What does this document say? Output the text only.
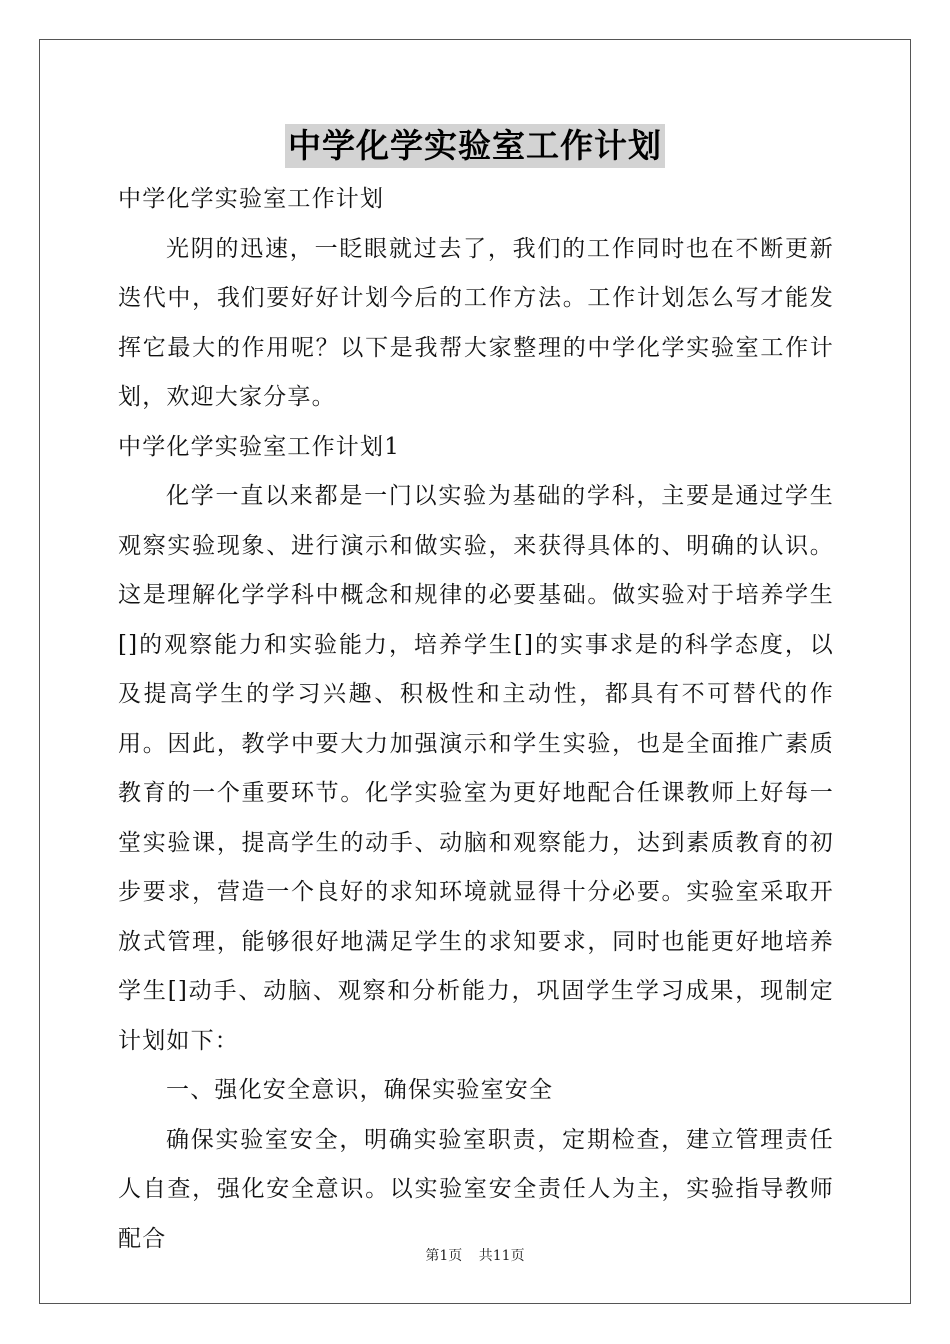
中学化学实验室工作计划

中学化学实验室工作计划

光阴的迅速，一眨眼就过去了，我们的工作同时也在不断更新迭代中，我们要好好计划今后的工作方法。工作计划怎么写才能发挥它最大的作用呢？以下是我帮大家整理的中学化学实验室工作计划，欢迎大家分享。

中学化学实验室工作计划1

化学一直以来都是一门以实验为基础的学科，主要是通过学生观察实验现象、进行演示和做实验，来获得具体的、明确的认识。这是理解化学学科中概念和规律的必要基础。做实验对于培养学生[]的观察能力和实验能力，培养学生[]的实事求是的科学态度，以及提高学生的学习兴趣、积极性和主动性，都具有不可替代的作用。因此，教学中要大力加强演示和学生实验，也是全面推广素质教育的一个重要环节。化学实验室为更好地配合任课教师上好每一堂实验课，提高学生的动手、动脑和观察能力，达到素质教育的初步要求，营造一个良好的求知环境就显得十分必要。实验室采取开放式管理，能够很好地满足学生的求知要求，同时也能更好地培养学生[]动手、动脑、观察和分析能力，巩固学生学习成果，现制定计划如下：

一、强化安全意识，确保实验室安全

确保实验室安全，明确实验室职责，定期检查，建立管理责任人自查，强化安全意识。以实验室安全责任人为主，实验指导教师配合

第1页 共11页
